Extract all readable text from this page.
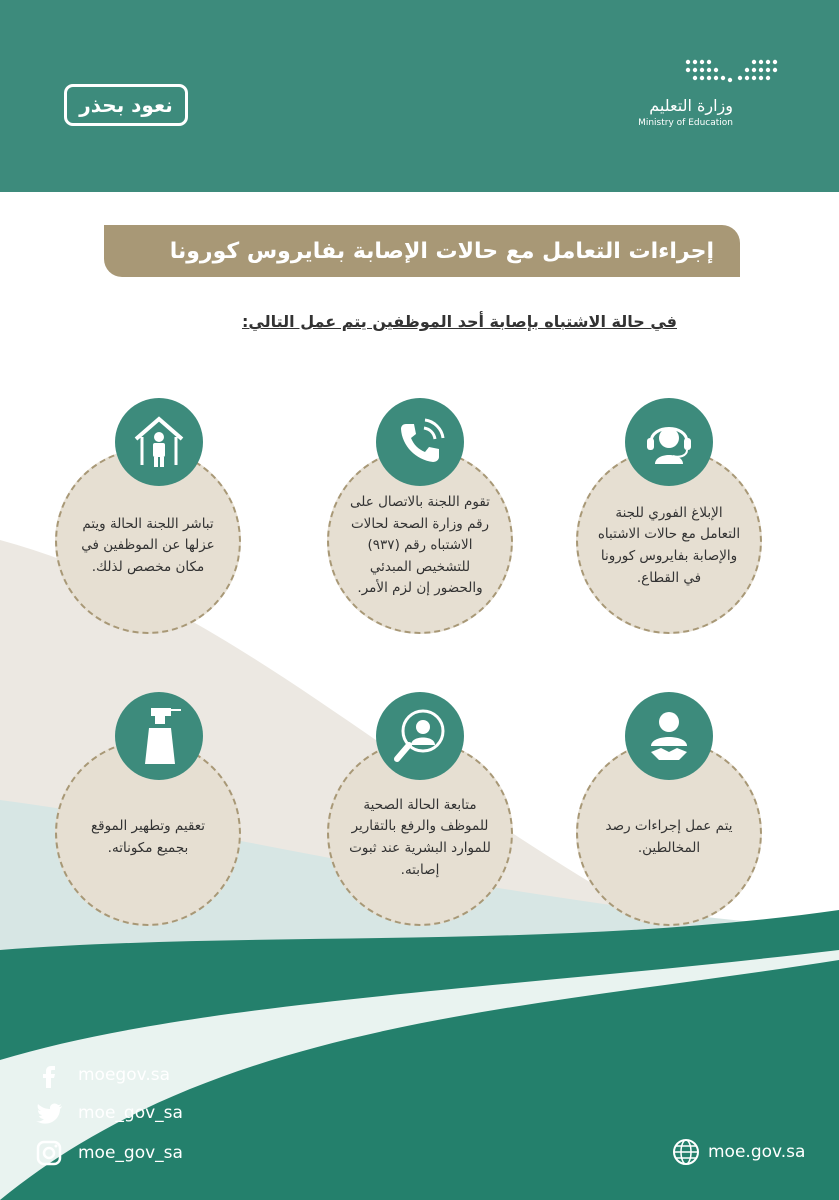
نعود بحذر	وزارة التعليم
Ministry of Education
إجراءات التعامل مع حالات الإصابة بفايروس كورونا
في حالة الاشتباه بإصابة أحد الموظفين يتم عمل التالي:
الإبلاغ الفوري للجنة التعامل مع حالات الاشتباه والإصابة بفايروس كورونا في القطاع.
تقوم اللجنة بالاتصال على رقم وزارة الصحة لحالات الاشتباه رقم (٩٣٧) للتشخيص المبدئي والحضور إن لزم الأمر.
تباشر اللجنة الحالة ويتم عزلها عن الموظفين في مكان مخصص لذلك.
يتم عمل إجراءات رصد المخالطين.
متابعة الحالة الصحية للموظف والرفع بالتقارير للموارد البشرية عند ثبوت إصابته.
تعقيم وتطهير الموقع بجميع مكوناته.
moegov.sa
moe_gov_sa
moe_gov_sa	moe.gov.sa
